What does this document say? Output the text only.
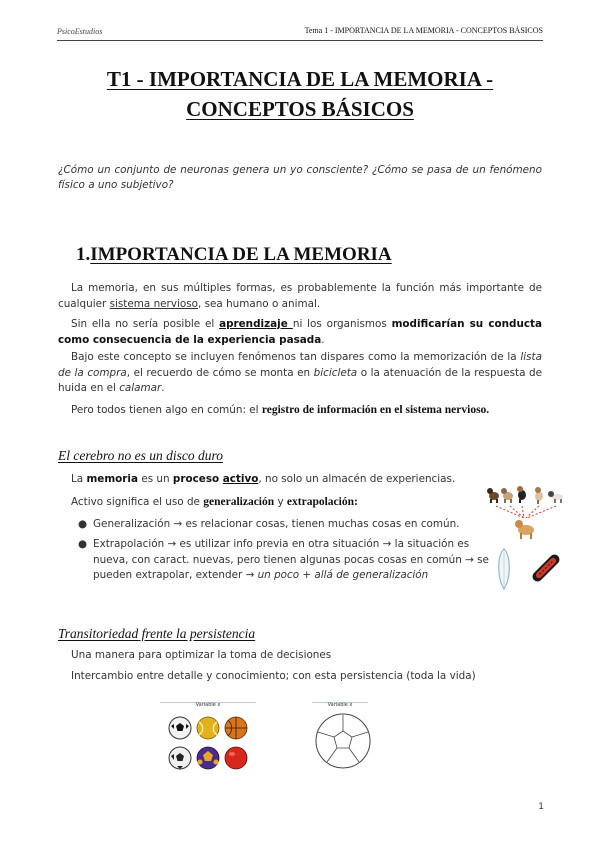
PsicoEstudios	Tema 1 - IMPORTANCIA DE LA MEMORIA - CONCEPTOS BÁSICOS
T1 - IMPORTANCIA DE LA MEMORIA -
CONCEPTOS BÁSICOS
¿Cómo un conjunto de neuronas genera un yo consciente? ¿Cómo se pasa de un fenómeno físico a uno subjetivo?
1.IMPORTANCIA DE LA MEMORIA
La memoria, en sus múltiples formas, es probablemente la función más importante de cualquier sistema nervioso, sea humano o animal.
Sin ella no sería posible el aprendizaje ni los organismos modificarían su conducta como consecuencia de la experiencia pasada.
Bajo este concepto se incluyen fenómenos tan dispares como la memorización de la lista de la compra, el recuerdo de cómo se monta en bicicleta o la atenuación de la respuesta de huida en el calamar.
Pero todos tienen algo en común: el registro de información en el sistema nervioso.
El cerebro no es un disco duro
La memoria es un proceso activo, no solo un almacén de experiencias.
Activo significa el uso de generalización y extrapolación:
● Generalización → es relacionar cosas, tienen muchas cosas en común.
● Extrapolación → es utilizar info previa en otra situación → la situación es nueva, con caract. nuevas, pero tienen algunas pocas cosas en común → se pueden extrapolar, extender → un poco + allá de generalización
Transitoriedad frente la persistencia
Una manera para optimizar la toma de decisiones
Intercambio entre detalle y conocimiento; con esta persistencia (toda la vida)
Variable x	Variable x
1
